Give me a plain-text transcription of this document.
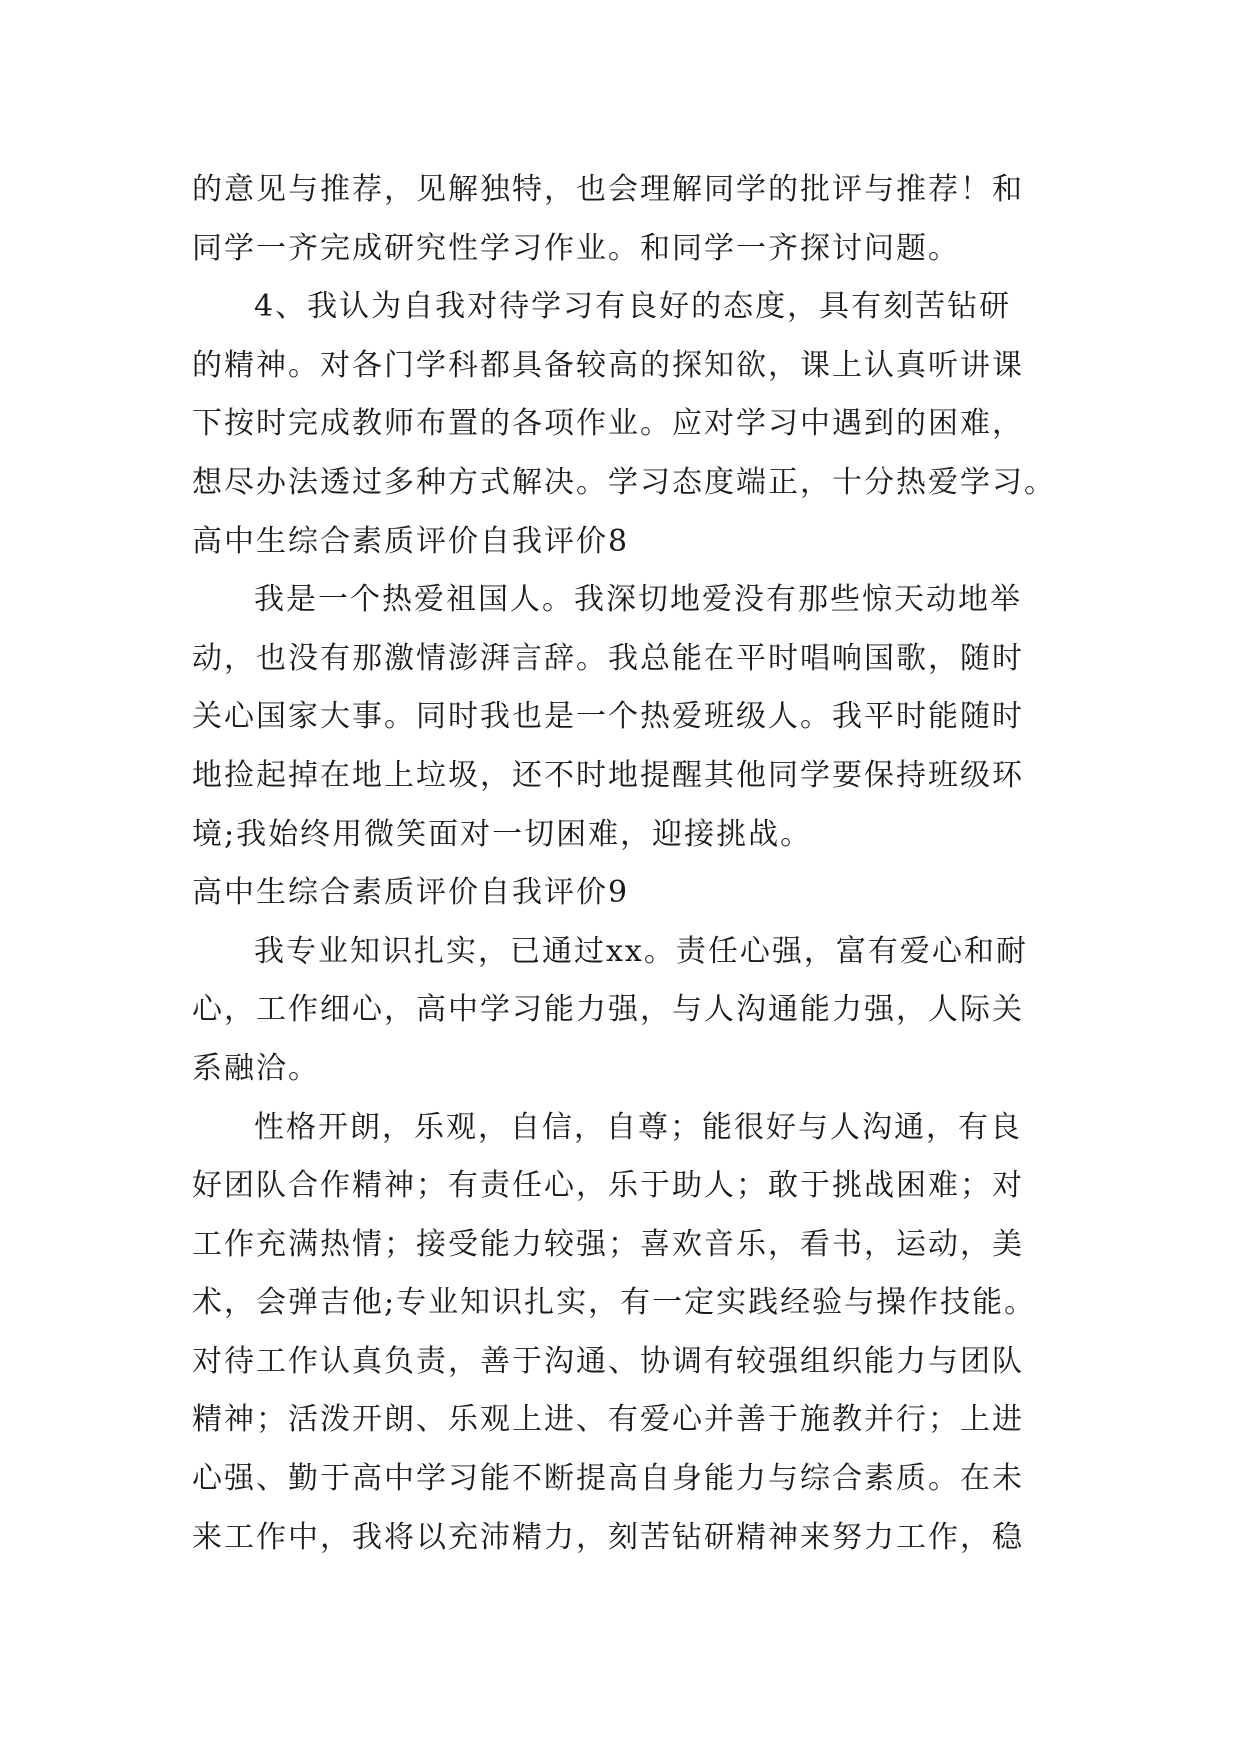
的意见与推荐，见解独特，也会理解同学的批评与推荐！和
同学一齐完成研究性学习作业。和同学一齐探讨问题。
4、我认为自我对待学习有良好的态度，具有刻苦钻研
的精神。对各门学科都具备较高的探知欲，课上认真听讲课
下按时完成教师布置的各项作业。应对学习中遇到的困难，
想尽办法透过多种方式解决。学习态度端正，十分热爱学习。
高中生综合素质评价自我评价8
我是一个热爱祖国人。我深切地爱没有那些惊天动地举
动，也没有那激情澎湃言辞。我总能在平时唱响国歌，随时
关心国家大事。同时我也是一个热爱班级人。我平时能随时
地捡起掉在地上垃圾，还不时地提醒其他同学要保持班级环
境;我始终用微笑面对一切困难，迎接挑战。
高中生综合素质评价自我评价9
我专业知识扎实，已通过xx。责任心强，富有爱心和耐
心，工作细心，高中学习能力强，与人沟通能力强，人际关
系融洽。
性格开朗，乐观，自信，自尊；能很好与人沟通，有良
好团队合作精神；有责任心，乐于助人；敢于挑战困难；对
工作充满热情；接受能力较强；喜欢音乐，看书，运动，美
术，会弹吉他;专业知识扎实，有一定实践经验与操作技能。
对待工作认真负责，善于沟通、协调有较强组织能力与团队
精神；活泼开朗、乐观上进、有爱心并善于施教并行；上进
心强、勤于高中学习能不断提高自身能力与综合素质。在未
来工作中，我将以充沛精力，刻苦钻研精神来努力工作，稳
